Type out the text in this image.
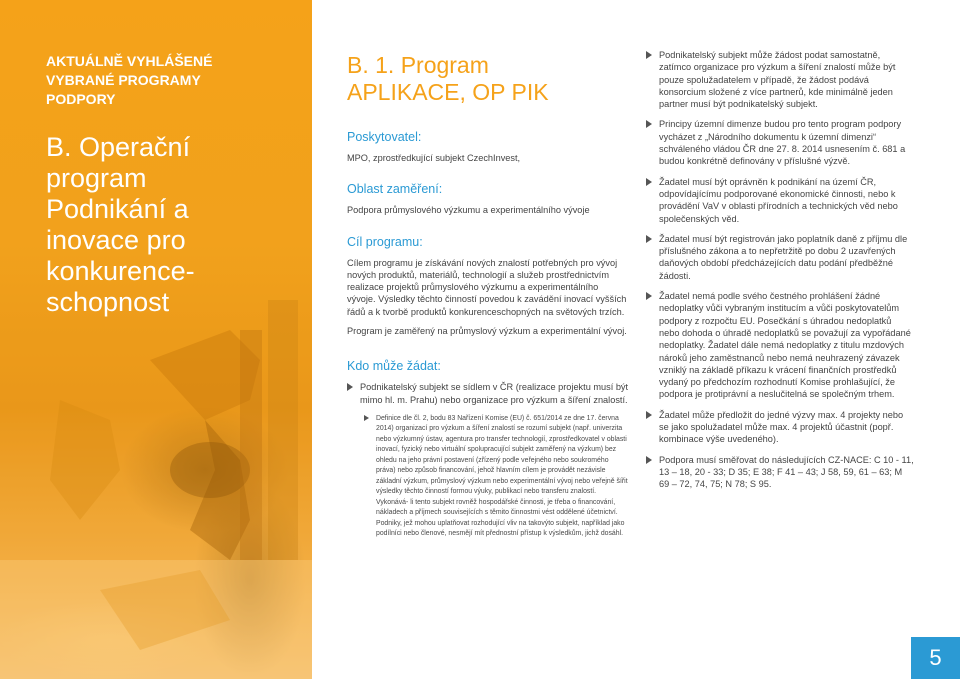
AKTUÁLNĚ VYHLÁŠENÉ
VYBRANÉ PROGRAMY
PODPORY
B. Operační
program
Podnikání a
inovace pro
konkurence-
schopnost
B. 1. Program
APLIKACE, OP PIK
Poskytovatel:
MPO, zprostředkující subjekt CzechInvest,
Oblast zaměření:
Podpora průmyslového výzkumu a experimentálního vývoje
Cíl programu:
Cílem programu je získávání nových znalostí potřebných pro vývoj nových produktů, materiálů, technologií a služeb prostřednictvím realizace projektů průmyslového výzkumu a experimentálního vývoje. Výsledky těchto činností povedou k zavádění inovací vyšších řádů a k tvorbě produktů konkurenceschopných na světových trzích.
Program je zaměřený na průmyslový výzkum a experimentální vývoj.
Kdo může žádat:
Podnikatelský subjekt se sídlem v ČR (realizace projektu musí být mimo hl. m. Prahu) nebo organizace pro výzkum a šíření znalostí.
Definice dle čl. 2, bodu 83 Nařízení Komise (EU) č. 651/2014 ze dne 17. června 2014) organizací pro výzkum a šíření znalostí se rozumí subjekt (např. univerzita nebo výzkumný ústav, agentura pro transfer technologií, zprostředkovatel v oblasti inovací, fyzický nebo virtuální spolupracující subjekt zaměřený na výzkum) bez ohledu na jeho právní postavení (zřízený podle veřejného nebo soukromého práva) nebo způsob financování, jehož hlavním cílem je provádět nezávisle základní výzkum, průmyslový výzkum nebo experimentální vývoj nebo veřejně šířit výsledky těchto činností formou výuky, publikací nebo transferu znalostí. Vykonává- li tento subjekt rovněž hospodářské činnosti, je třeba o financování, nákladech a příjmech souvisejících s těmito činnostmi vést oddělené účetnictví. Podniky, jež mohou uplatňovat rozhodující vliv na takovýto subjekt, například jako podílníci nebo členové, nesmějí mít přednostní přístup k výsledkům, jichž dosáhl.
Podnikatelský subjekt může žádost podat samostatně, zatímco organizace pro výzkum a šíření znalostí může být pouze spolužadatelem v případě, že žádost podává konsorcium složené z více partnerů, kde minimálně jeden partner musí být podnikatelský subjekt.
Principy územní dimenze budou pro tento program podpory vycházet z „Národního dokumentu k územní dimenzi“ schváleného vládou ČR dne 27. 8. 2014 usnesením č. 681 a budou konkrétně definovány v příslušné výzvě.
Žadatel musí být oprávněn k podnikání na území ČR, odpovídajícímu podporované ekonomické činnosti, nebo k provádění VaV v oblasti přírodních a technických věd nebo společenských věd.
Žadatel musí být registrován jako poplatník daně z příjmu dle příslušného zákona a to nepřetržitě po dobu 2 uzavřených daňových období předcházejících datu podání předběžné žádosti.
Žadatel nemá podle svého čestného prohlášení žádné nedoplatky vůči vybraným institucím a vůči poskytovatelům podpory z rozpočtu EU. Posečkání s úhradou nedoplatků nebo dohoda o úhradě nedoplatků se považují za vypořádané nedoplatky. Žadatel dále nemá nedoplatky z titulu mzdových nároků jeho zaměstnanců nebo nemá neuhrazený závazek vzniklý na základě příkazu k vrácení finančních prostředků vydaný po předchozím rozhodnutí Komise prohlašující, že podpora je protiprávní a neslučitelná se společným trhem.
Žadatel může předložit do jedné výzvy max. 4 projekty nebo se jako spolužadatel může max. 4 projektů účastnit (popř. kombinace výše uvedeného).
Podpora musí směřovat do následujících CZ-NACE: C 10 - 11, 13 – 18, 20 - 33; D 35; E 38; F 41 – 43; J 58, 59, 61 – 63; M 69 – 72, 74, 75; N 78; S 95.
5
